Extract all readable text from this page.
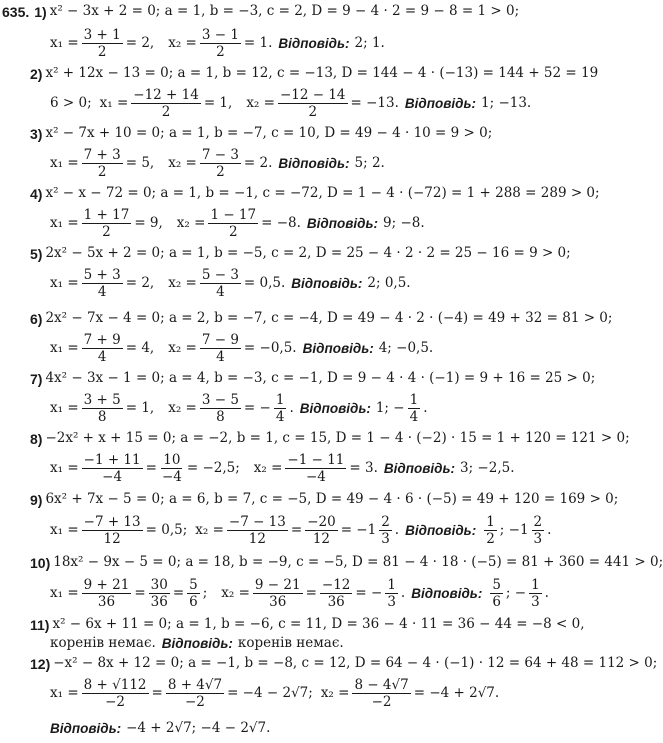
635. 1) x² − 3x + 2 = 0; a = 1, b = −3, c = 2, D = 9 − 4 · 2 = 9 − 8 = 1 > 0;
$x_1 = \frac{3 + 1}{2} = 2$, $x_2 = \frac{3 - 1}{2} = 1$. Відповідь: 2; 1.
2) x² + 12x − 13 = 0; a = 1, b = 12, c = −13, D = 144 − 4 · (−13) = 144 + 52 = 19
6 > 0; $x_1 = \frac{-12 + 14}{2} = 1$, $x_2 = \frac{-12 - 14}{2} = -13$. Відповідь: 1; −13.
3) x² − 7x + 10 = 0; a = 1, b = −7, c = 10, D = 49 − 4 · 10 = 9 > 0;
$x_1 = \frac{7 + 3}{2} = 5$, $x_2 = \frac{7 - 3}{2} = 2$. Відповідь: 5; 2.
4) x² − x − 72 = 0; a = 1, b = −1, c = −72, D = 1 − 4 · (−72) = 1 + 288 = 289 > 0;
$x_1 = \frac{1 + 17}{2} = 9$, $x_2 = \frac{1 - 17}{2} = -8$. Відповідь: 9; −8.
5) 2x² − 5x + 2 = 0; a = 1, b = −5, c = 2, D = 25 − 4 · 2 · 2 = 25 − 16 = 9 > 0;
$x_1 = \frac{5 + 3}{4} = 2$, $x_2 = \frac{5 - 3}{4} = 0,5$. Відповідь: 2; 0,5.
6) 2x² − 7x − 4 = 0; a = 2, b = −7, c = −4, D = 49 − 4 · 2 · (−4) = 49 + 32 = 81 > 0;
$x_1 = \frac{7 + 9}{4} = 4$, $x_2 = \frac{7 - 9}{4} = -0,5$. Відповідь: 4; −0,5.
7) 4x² − 3x − 1 = 0; a = 4, b = −3, c = −1, D = 9 − 4 · 4 · (−1) = 9 + 16 = 25 > 0;
$x_1 = \frac{3 + 5}{8} = 1$, $x_2 = \frac{3 - 5}{8}$ = − $\frac{1}{4}$ . Відповідь: 1; − $\frac{1}{4}$ .
8) −2x² + x + 15 = 0; a = −2, b = 1, c = 15, D = 1 − 4 · (−2) · 15 = 1 + 120 = 121 > 0;
$x_1 = \frac{-1 + 11}{-4} = \frac{10}{-4} = -2,5$; $x_2 = \frac{-1 - 11}{-4} = 3$. Відповідь: 3; −2,5.
9) 6x² + 7x − 5 = 0; a = 6, b = 7, c = −5, D = 49 − 4 · 6 · (−5) = 49 + 120 = 169 > 0;
$x_1 = \frac{-7 + 13}{12} = 0,5$; $x_2 = \frac{-7 - 13}{12} = \frac{-20}{12} = -1 \frac{2}{3}$ . Відповідь: $\frac{1}{2}$ ; $-1 \frac{2}{3}$ .
10) 18x² − 9x − 5 = 0; a = 18, b = −9, c = −5, D = 81 − 4 · 18 · (−5) = 81 + 360 = 441 > 0;
$x_1 = \frac{9 + 21}{36} = \frac{30}{36} = \frac{5}{6}$ ; $x_2 = \frac{9 - 21}{36} = \frac{-12}{36}$ = − $\frac{1}{3}$ . Відповідь: $\frac{5}{6}$ ; − $\frac{1}{3}$ .
11) x² − 6x + 11 = 0; a = 1, b = −6, c = 11, D = 36 − 4 · 11 = 36 − 44 = −8 < 0,
коренів немає. Відповідь: коренів немає.
12) −x² − 8x + 12 = 0; a = −1, b = −8, c = 12, D = 64 − 4 · (−1) · 12 = 64 + 48 = 112 > 0;
$x_1 = \frac{8 + √112}{-2} = \frac{8 + 4√7}{-2} = -4 - 2√7$; $x_2 = \frac{8 - 4√7}{-2} = -4 + 2√7$.
Відповідь: −4 + 2√7; −4 − 2√7.
